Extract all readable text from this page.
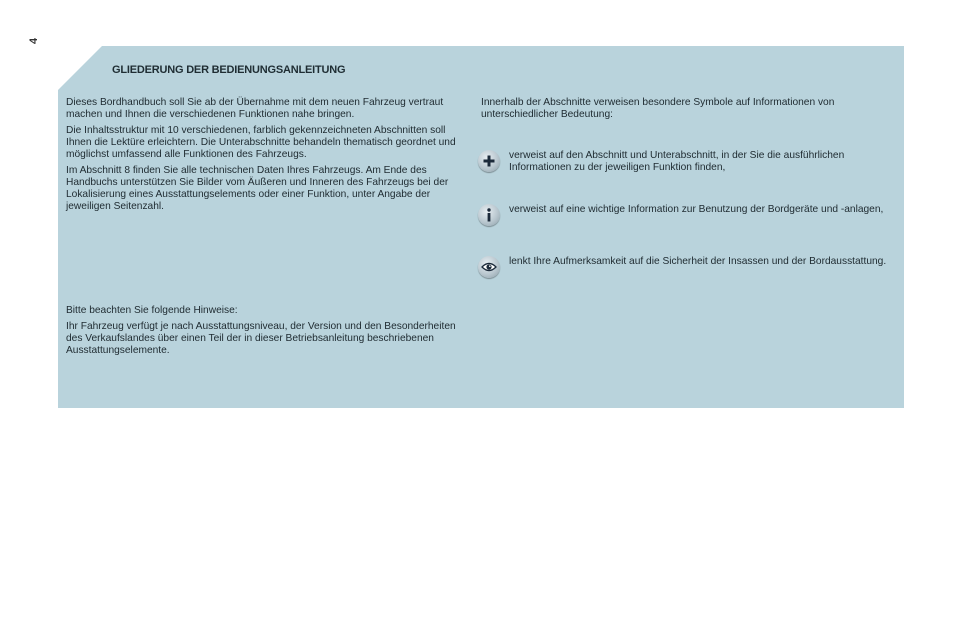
4
GLIEDERUNG DER BEDIENUNGSANLEITUNG

Dieses Bordhandbuch soll Sie ab der Übernahme mit dem neuen Fahrzeug vertraut machen und Ihnen die verschiedenen Funktionen nahe bringen.

Die Inhaltsstruktur mit 10 verschiedenen, farblich gekennzeichneten Abschnitten soll Ihnen die Lektüre erleichtern. Die Unterabschnitte behandeln thematisch geordnet und möglichst umfassend alle Funktionen des Fahrzeugs.

Im Abschnitt 8 finden Sie alle technischen Daten Ihres Fahrzeugs. Am Ende des Handbuchs unterstützen Sie Bilder vom Äußeren und Inneren des Fahrzeugs bei der Lokalisierung eines Ausstattungselements oder einer Funktion, unter Angabe der jeweiligen Seitenzahl.

Bitte beachten Sie folgende Hinweise:

Ihr Fahrzeug verfügt je nach Ausstattungsniveau, der Version und den Besonderheiten des Verkaufslandes über einen Teil der in dieser Betriebsanleitung beschriebenen Ausstattungselemente.

Innerhalb der Abschnitte verweisen besondere Symbole auf Informationen von unterschiedlicher Bedeutung:
verweist auf den Abschnitt und Unterabschnitt, in der Sie die ausführlichen Informationen zu der jeweiligen Funktion finden,
verweist auf eine wichtige Information zur Benutzung der Bordgeräte und -anlagen,
lenkt Ihre Aufmerksamkeit auf die Sicherheit der Insassen und der Bordausstattung.
